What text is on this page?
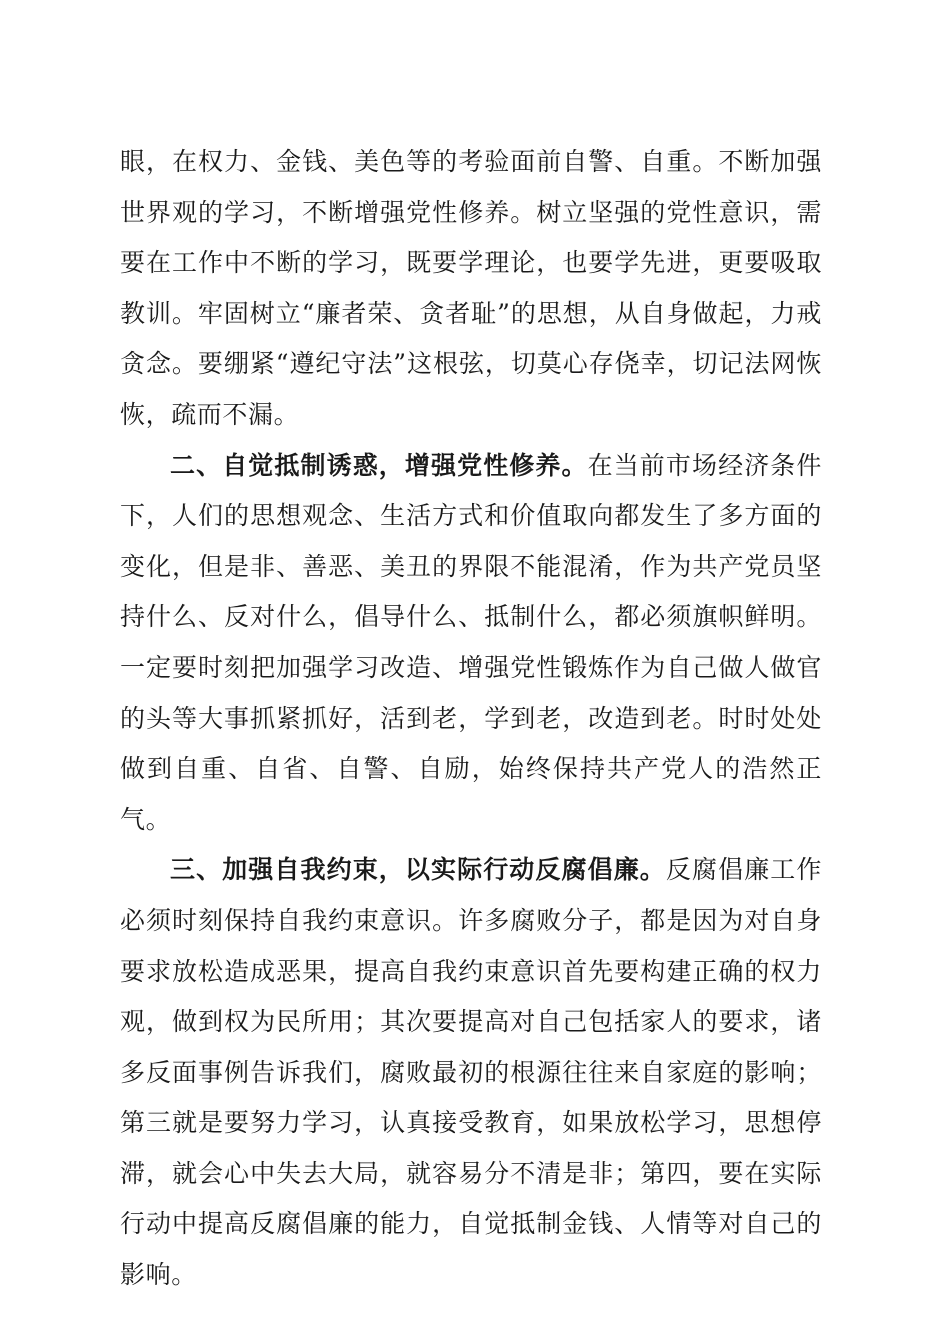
眼，在权力、金钱、美色等的考验面前自警、自重。不断加强世界观的学习，不断增强党性修养。树立坚强的党性意识，需要在工作中不断的学习，既要学理论，也要学先进，更要吸取教训。牢固树立“廉者荣、贪者耻”的思想，从自身做起，力戒贪念。要绷紧“遵纪守法”这根弦，切莫心存侥幸，切记法网恢恢，疏而不漏。

二、自觉抵制诱惑，增强党性修养。在当前市场经济条件下，人们的思想观念、生活方式和价值取向都发生了多方面的变化，但是非、善恶、美丑的界限不能混淆，作为共产党员坚持什么、反对什么，倡导什么、抵制什么，都必须旗帜鲜明。一定要时刻把加强学习改造、增强党性锻炼作为自己做人做官的头等大事抓紧抓好，活到老，学到老，改造到老。时时处处做到自重、自省、自警、自励，始终保持共产党人的浩然正气。

三、加强自我约束，以实际行动反腐倡廉。反腐倡廉工作必须时刻保持自我约束意识。许多腐败分子，都是因为对自身要求放松造成恶果，提高自我约束意识首先要构建正确的权力观，做到权为民所用；其次要提高对自己包括家人的要求，诸多反面事例告诉我们，腐败最初的根源往往来自家庭的影响；第三就是要努力学习，认真接受教育，如果放松学习，思想停滞，就会心中失去大局，就容易分不清是非；第四，要在实际行动中提高反腐倡廉的能力，自觉抵制金钱、人情等对自己的影响。
